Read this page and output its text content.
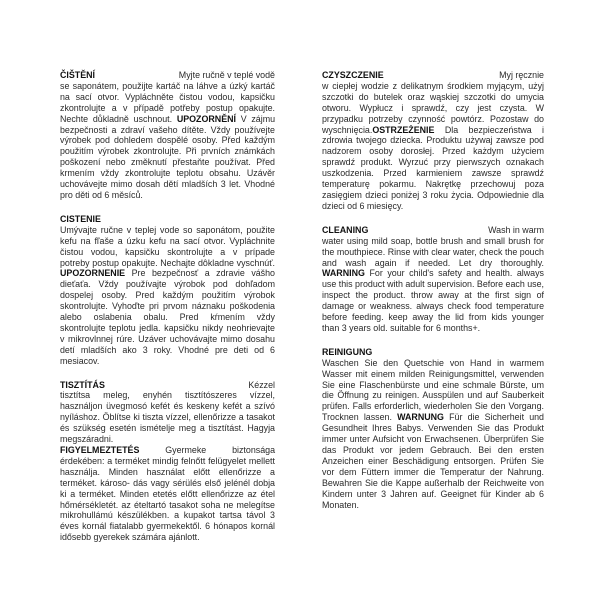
ČIŠTĚNÍ	Myjte ručně v teplé vodě

se saponátem, použijte kartáč na láhve a úzký kartáč na sací otvor. Vypláchněte čistou vodou, kapsičku zkontrolujte a v případě potřeby postup opakujte. Nechte důkladně uschnout. UPOZORNĚNÍ V zájmu bezpečnosti a zdraví vašeho dítěte. Vždy používejte výrobek pod dohledem dospělé osoby. Před každým použitím výrobek zkontrolujte. Při prvních známkách poškození nebo změknutí přestaňte používat. Před krmením vždy zkontrolujte teplotu obsahu. Uzávěr uchovávejte mimo dosah dětí mladších 3 let. Vhodné pro děti od 6 měsíců.

CISTENIE
Umývajte ručne v teplej vode so saponátom, použite kefu na fľaše a úzku kefu na sací otvor. Vypláchnite čistou vodou, kapsičku skontrolujte a v prípade potreby postup opakujte. Nechajte dôkladne vyschnúť. UPOZORNENIE Pre bezpečnosť a zdravie vášho dieťaťa. Vždy používajte výrobok pod dohľadom dospelej osoby. Pred každým použitím výrobok skontrolujte. Vyhoďte pri prvom náznaku poškodenia alebo oslabenia obalu. Pred kŕmením vždy skontrolujte teplotu jedla. kapsičku nikdy neohrievajte v mikrovlnnej rúre. Uzáver uchovávajte mimo dosahu detí mladších ako 3 roky. Vhodné pre deti od 6 mesiacov.

TISZTÍTÁS	Kézzel

tisztítsa meleg, enyhén tisztítószeres vízzel, használjon üvegmosó kefét és keskeny kefét a szívó nyíláshoz. Öblítse ki tiszta vízzel, ellenőrizze a tasakot és szükség esetén ismételje meg a tisztítást. Hagyja megszáradni.
FIGYELMEZTETÉS	Gyermeke biztonsága érdekében: a terméket mindig felnőtt felügyelet mellett használja. Minden használat előtt ellenőrizze a terméket. károso- dás vagy sérülés első jelénél dobja ki a terméket. Minden etetés előtt ellenőrizze az étel hőmérsékletét. az ételtartó tasakot soha ne melegítse mikrohullámú készülékben. a kupakot tartsa távol 3 éves kornál fiatalabb gyermekektől. 6 hónapos kornál idősebb gyerekek számára ajánlott.

CZYSZCZENIE	Myj ręcznie

w ciepłej wodzie z delikatnym środkiem myjącym, użyj szczotki do butelek oraz wąskiej szczotki do umycia otworu. Wypłucz i sprawdź, czy jest czysta. W przypadku potrzeby czynność powtórz. Pozostaw do wyschnięcia.OSTRZEŻENIE Dla bezpieczeństwa i zdrowia twojego dziecka. Produktu używaj zawsze pod nadzorem osoby dorosłej. Przed każdym użyciem sprawdź produkt. Wyrzuć przy pierwszych oznakach uszkodzenia. Przed karmieniem zawsze sprawdź temperaturę pokarmu. Nakrętkę przechowuj poza zasięgiem dzieci poniżej 3 roku życia. Odpowiednie dla dzieci od 6 miesięcy.

CLEANING	Wash in warm

water using mild soap, bottle brush and small brush for the mouthpiece. Rinse with clear water, check the pouch and wash again if needed. Let dry thoroughly. WARNING For your child's safety and health. always use this product with adult supervision. Before each use, inspect the product. throw away at the first sign of damage or weakness. always check food temperature before feeding. keep away the lid from kids younger than 3 years old. suitable for 6 months+.

REINIGUNG
Waschen Sie den Quetschie von Hand in warmem Wasser mit einem milden Reinigungsmittel, verwenden Sie eine Flaschenbürste und eine schmale Bürste, um die Öffnung zu reinigen. Ausspülen und auf Sauberkeit prüfen. Falls erforderlich, wiederholen Sie den Vorgang. Trocknen lassen. WARNUNG Für die Sicherheit und Gesundheit Ihres Babys. Verwenden Sie das Produkt immer unter Aufsicht von Erwachsenen. Überprüfen Sie das Produkt vor jedem Gebrauch. Bei den ersten Anzeichen einer Beschädigung entsorgen. Prüfen Sie vor dem Füttern immer die Temperatur der Nahrung. Bewahren Sie die Kappe außerhalb der Reichweite von Kindern unter 3 Jahren auf. Geeignet für Kinder ab 6 Monaten.
